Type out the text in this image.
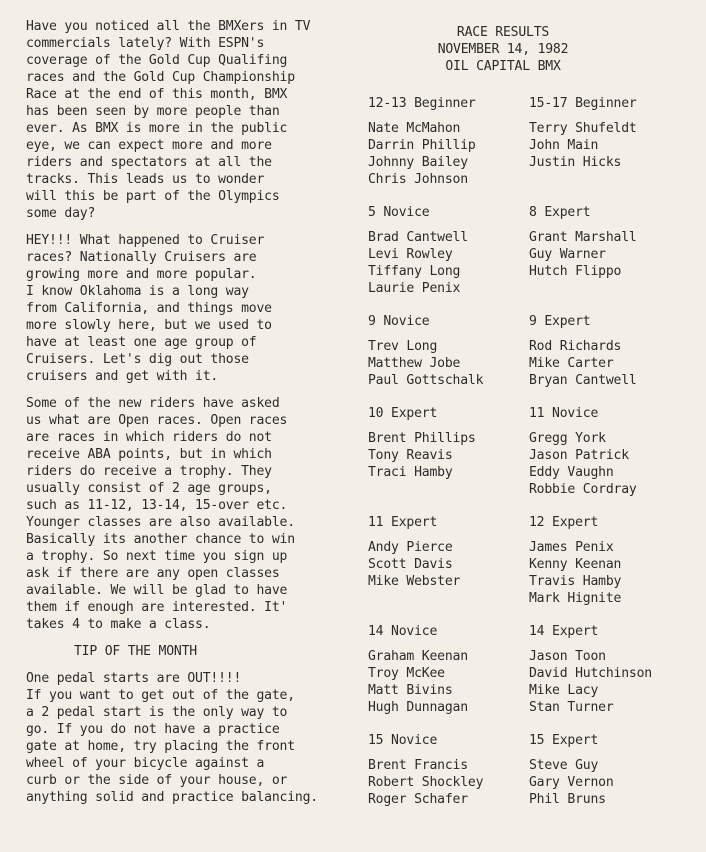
Have you noticed all the BMXers in TV
commercials lately? With ESPN's
coverage of the Gold Cup Qualifing
races and the Gold Cup Championship
Race at the end of this month, BMX
has been seen by more people than
ever. As BMX is more in the public
eye, we can expect more and more
riders and spectators at all the
tracks. This leads us to wonder
will this be part of the Olympics
some day?
HEY!!! What happened to Cruiser
races? Nationally Cruisers are
growing more and more popular.
I know Oklahoma is a long way
from California, and things move
more slowly here, but we used to
have at least one age group of
Cruisers. Let's dig out those
cruisers and get with it.
Some of the new riders have asked
us what are Open races. Open races
are races in which riders do not
receive ABA points, but in which
riders do receive a trophy. They
usually consist of 2 age groups,
such as 11-12, 13-14, 15-over etc.
Younger classes are also available.
Basically its another chance to win
a trophy. So next time you sign up
ask if there are any open classes
available. We will be glad to have
them if enough are interested. It'
takes 4 to make a class.
TIP OF THE MONTH
One pedal starts are OUT!!!!
If you want to get out of the gate,
a 2 pedal start is the only way to
go. If you do not have a practice
gate at home, try placing the front
wheel of your bicycle against a
curb or the side of your house, or
anything solid and practice balancing.
RACE RESULTS
NOVEMBER 14, 1982
OIL CAPITAL BMX
12-13 Beginner
Nate McMahon
Darrin Phillip
Johnny Bailey
Chris Johnson
15-17 Beginner
Terry Shufeldt
John Main
Justin Hicks
5 Novice
Brad Cantwell
Levi Rowley
Tiffany Long
Laurie Penix
8 Expert
Grant Marshall
Guy Warner
Hutch Flippo
9 Novice
Trev Long
Matthew Jobe
Paul Gottschalk
9 Expert
Rod Richards
Mike Carter
Bryan Cantwell
10 Expert
Brent Phillips
Tony Reavis
Traci Hamby
11 Novice
Gregg York
Jason Patrick
Eddy Vaughn
Robbie Cordray
11 Expert
Andy Pierce
Scott Davis
Mike Webster
12 Expert
James Penix
Kenny Keenan
Travis Hamby
Mark Hignite
14 Novice
Graham Keenan
Troy McKee
Matt Bivins
Hugh Dunnagan
14 Expert
Jason Toon
David Hutchinson
Mike Lacy
Stan Turner
15 Novice
Brent Francis
Robert Shockley
Roger Schafer
15 Expert
Steve Guy
Gary Vernon
Phil Bruns
